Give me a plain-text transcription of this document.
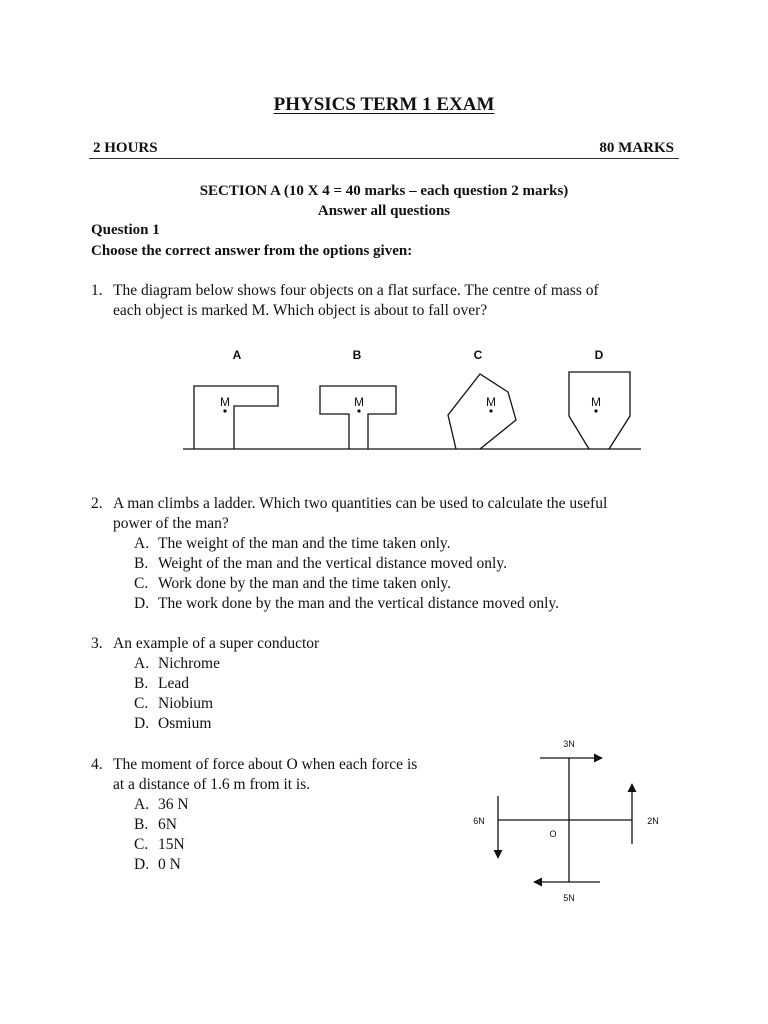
PHYSICS TERM 1 EXAM
2 HOURS	80 MARKS
SECTION A (10 X 4 = 40 marks – each question 2 marks)
Answer all questions
Question 1
Choose the correct answer from the options given:
1. The diagram below shows four objects on a flat surface. The centre of mass of
each object is marked M. Which object is about to fall over?
A	B	C	D
M	M	M	M
2. A man climbs a ladder. Which two quantities can be used to calculate the useful
power of the man?
A. The weight of the man and the time taken only.
B. Weight of the man and the vertical distance moved only.
C. Work done by the man and the time taken only.
D. The work done by the man and the vertical distance moved only.
3. An example of a super conductor
A. Nichrome
B. Lead
C. Niobium
D. Osmium
4. The moment of force about O when each force is
at a distance of 1.6 m from it is.
A. 36 N
B. 6N
C. 15N
D. 0 N
3N
6N	2N
5N
O
